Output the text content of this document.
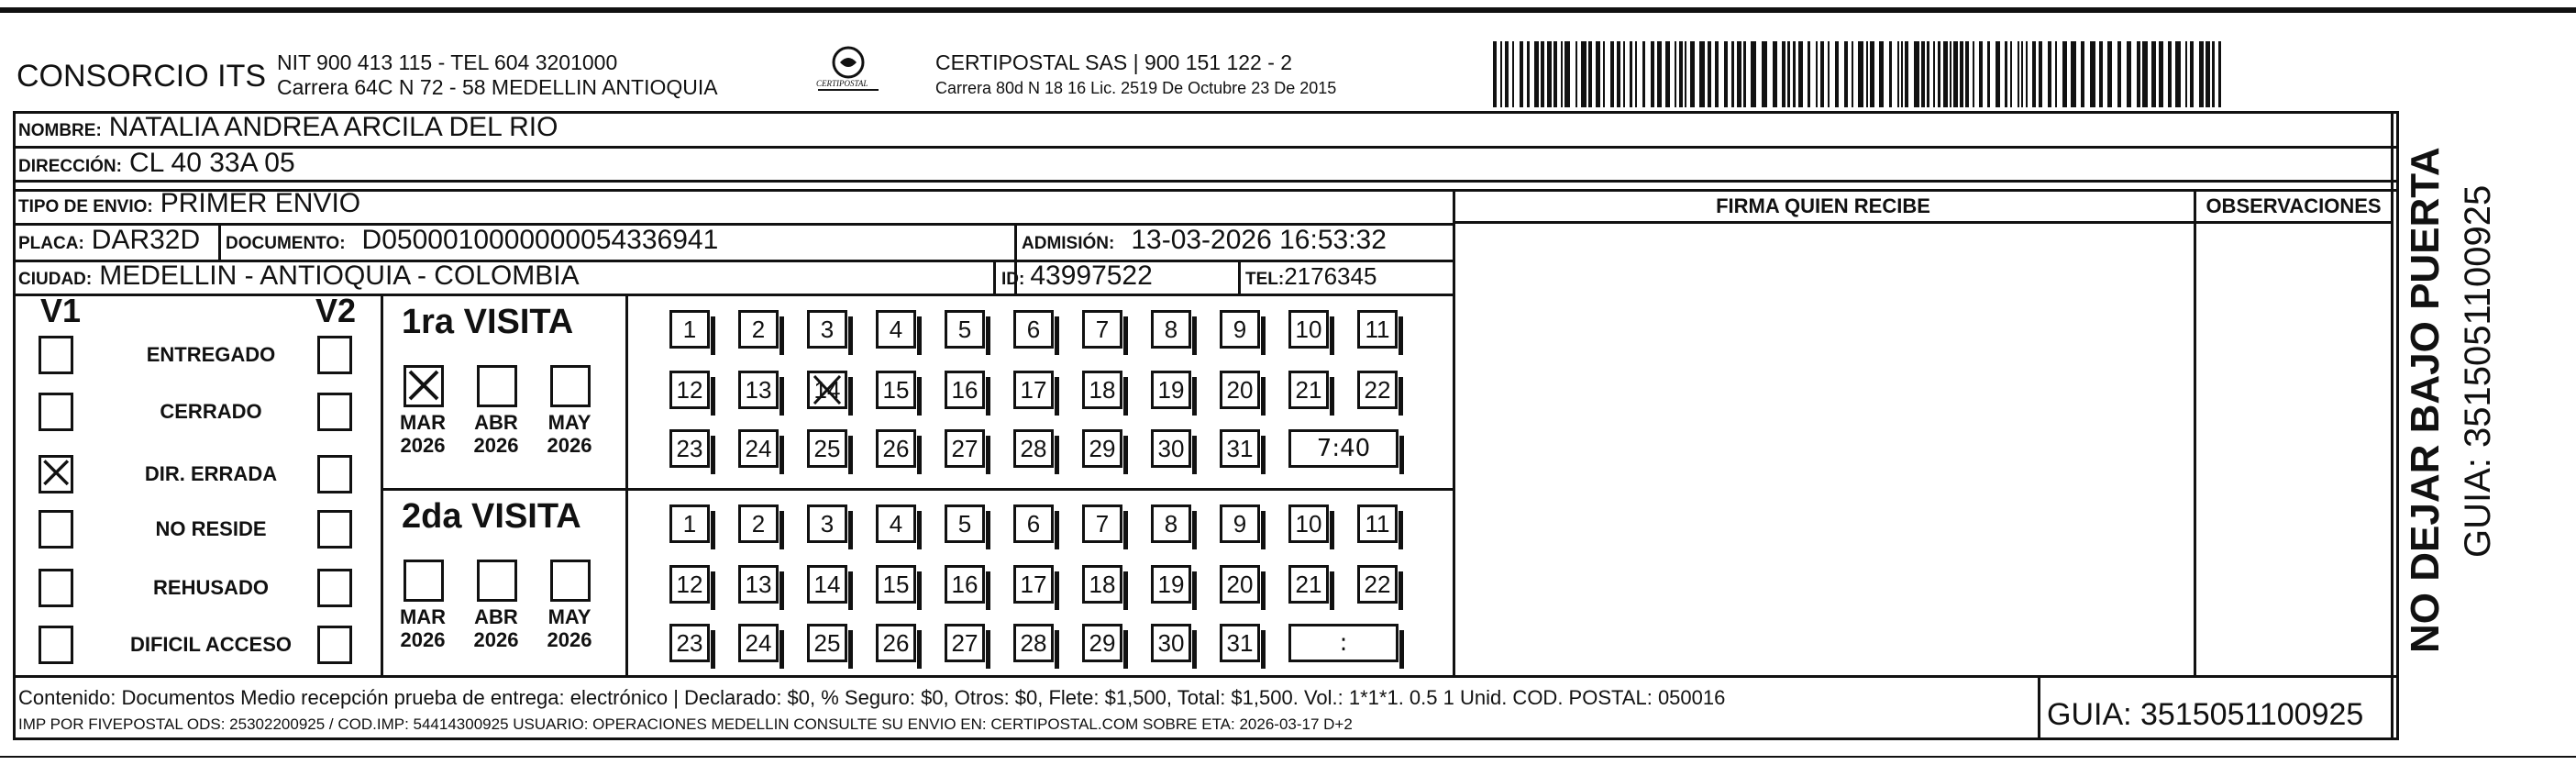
CONSORCIO ITS NIT 900 413 115 - TEL 604 3201000
Carrera 64C N 72 - 58 MEDELLIN ANTIOQUIA	CERTIPOSTAL
CERTIPOSTAL SAS | 900 151 122 - 2
Carrera 80d N 18 16 Lic. 2519 De Octubre 23 De 2015
NOMBRE: NATALIA ANDREA ARCILA DEL RIO
DIRECCIÓN: CL 40 33A 05
TIPO DE ENVIO: PRIMER ENVIO
PLACA: DAR32D DOCUMENTO: D0500010000000054336941	ADMISIÓN: 13-03-2026 16:53:32
CIUDAD: MEDELLIN - ANTIOQUIA - COLOMBIA	ID: 43997522	TEL: 2176345
FIRMA QUIEN RECIBE	OBSERVACIONES
V1	V2
ENTREGADO
CERRADO
DIR. ERRADA
NO RESIDE
REHUSADO
DIFICIL ACCESO
1ra VISITA
MAR
2026
ABR
2026
MAY
2026
1	2	3	4	5	6	7	8	9	10	11
12 13 14 15 16 17 18 19 20 21 22
23 24 25 26 27 28 29 30 31	7:40
2da VISITA
MAR
2026
ABR
2026
MAY
2026
1	2	3	4	5	6	7	8	9	10	11
12 13 14 15 16 17 18 19 20 21 22
23 24 25 26 27 28 29 30 31	:
Contenido: Documentos Medio recepción prueba de entrega: electrónico | Declarado: $0, % Seguro: $0, Otros: $0, Flete: $1,500, Total: $1,500. Vol.: 1*1*1. 0.5 1 Unid. COD. POSTAL: 050016
IMP POR FIVEPOSTAL ODS: 25302200925 / COD.IMP: 54414300925 USUARIO: OPERACIONES MEDELLIN CONSULTE SU ENVIO EN: CERTIPOSTAL.COM SOBRE ETA: 2026-03-17 D+2	GUIA: 3515051100925
NO DEJAR BAJO PUERTA GUIA: 3515051100925
